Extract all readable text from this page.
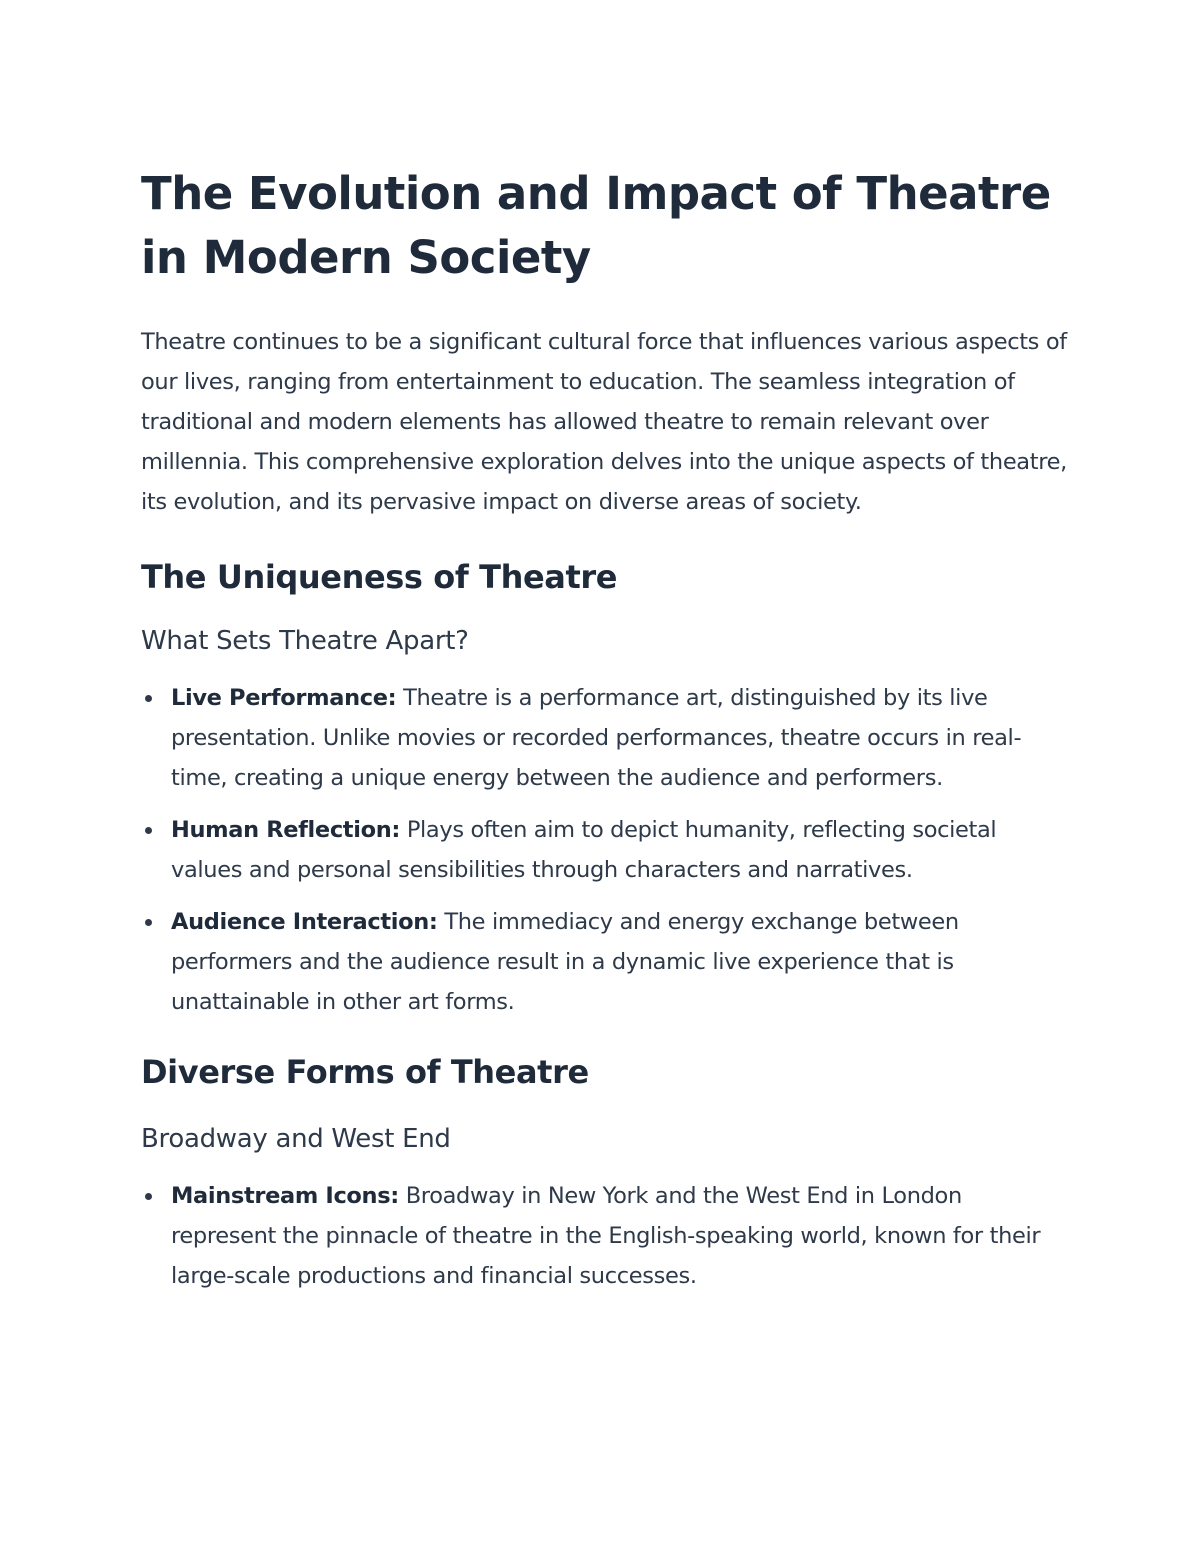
The Evolution and Impact of Theatre in Modern Society

Theatre continues to be a significant cultural force that influences various aspects of our lives, ranging from entertainment to education. The seamless integration of traditional and modern elements has allowed theatre to remain relevant over millennia. This comprehensive exploration delves into the unique aspects of theatre, its evolution, and its pervasive impact on diverse areas of society.

The Uniqueness of Theatre
What Sets Theatre Apart?
Live Performance: Theatre is a performance art, distinguished by its live presentation. Unlike movies or recorded performances, theatre occurs in real-time, creating a unique energy between the audience and performers.
Human Reflection: Plays often aim to depict humanity, reflecting societal values and personal sensibilities through characters and narratives.
Audience Interaction: The immediacy and energy exchange between performers and the audience result in a dynamic live experience that is unattainable in other art forms.
Diverse Forms of Theatre
Broadway and West End
Mainstream Icons: Broadway in New York and the West End in London represent the pinnacle of theatre in the English-speaking world, known for their large-scale productions and financial successes.
